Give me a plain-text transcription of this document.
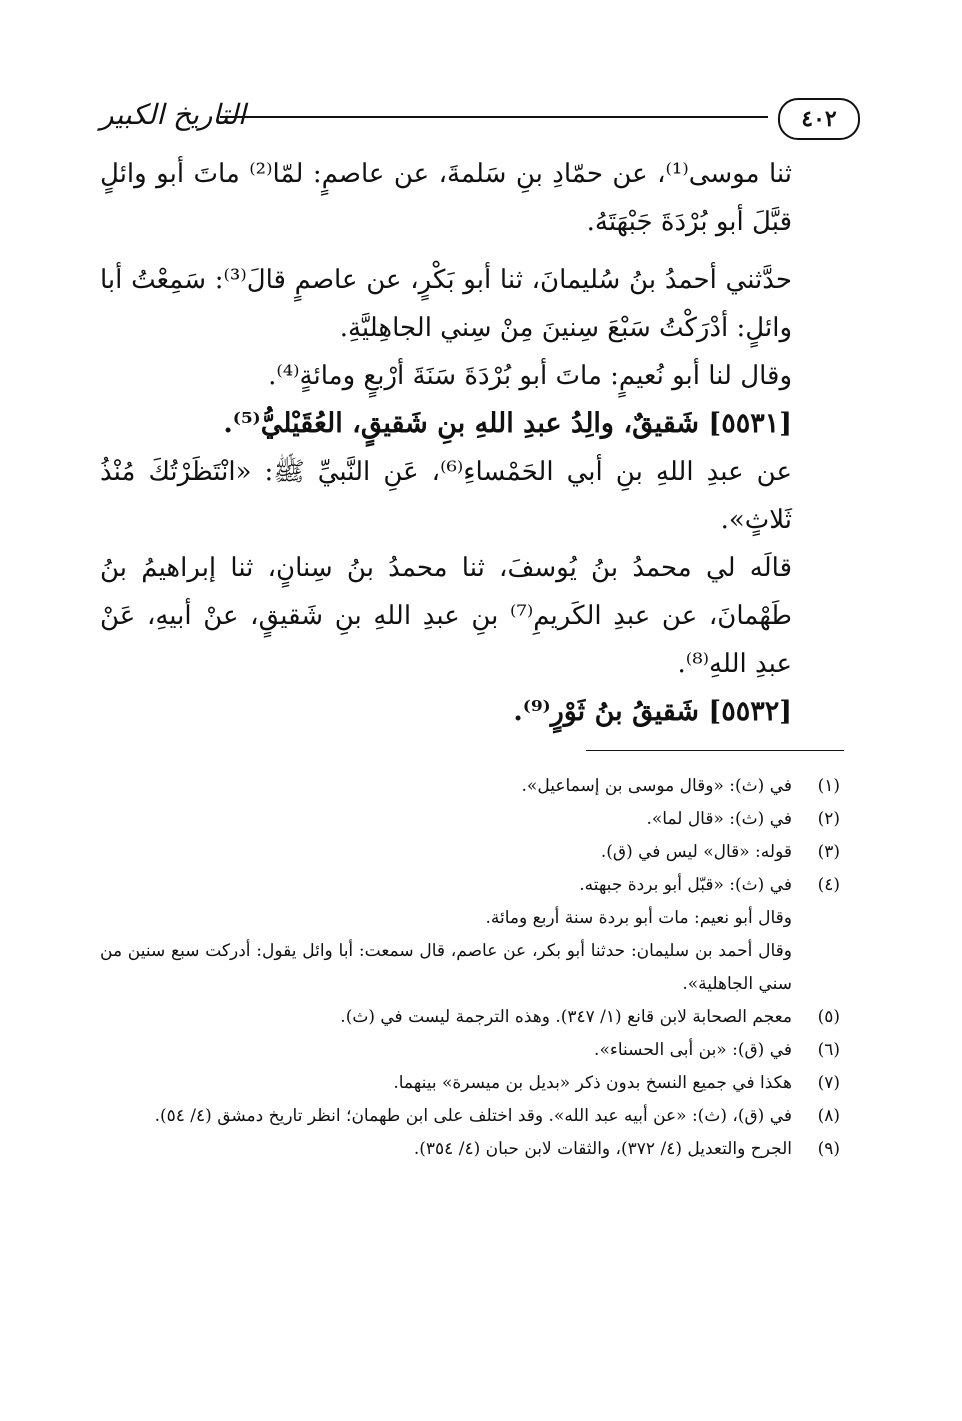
٤٠٢
التاريخ الكبير
ثنا موسى⁽¹⁾، عن حمّادِ بنِ سَلمةَ، عن عاصمٍ: لمّا⁽²⁾ ماتَ أبو وائلٍ قبَّلَ أبو بُرْدَةَ جَبْهَتَهُ.
حدَّثني أحمدُ بنُ سُليمانَ، ثنا أبو بَكْرٍ، عن عاصمٍ قالَ⁽³⁾: سَمِعْتُ أبا وائلٍ: أدْرَكْتُ سَبْعَ سِنينَ مِنْ سِني الجاهِليَّةِ.
وقال لنا أبو نُعيمٍ: ماتَ أبو بُرْدَةَ سَنَةَ أرْبعٍ ومائةٍ⁽⁴⁾.
[٥٥٣١] شَقيقٌ، والِدُ عبدِ اللهِ بنِ شَقيقٍ، العُقَيْليُّ⁽⁵⁾.
عن عبدِ اللهِ بنِ أبي الحَمْساءِ⁽⁶⁾، عَنِ النَّبيِّ ﷺ: «انْتَظَرْتُكَ مُنْذُ ثَلاثٍ».
قالَه لي محمدُ بنُ يُوسفَ، ثنا محمدُ بنُ سِنانٍ، ثنا إبراهيمُ بنُ طَهْمانَ، عن عبدِ الكَريمِ⁽⁷⁾ بنِ عبدِ اللهِ بنِ شَقيقٍ، عنْ أبيهِ، عَنْ عبدِ اللهِ⁽⁸⁾.
[٥٥٣٢] شَقيقُ بنُ ثَوْرٍ⁽⁹⁾.
(١)
في (ث): «وقال موسى بن إسماعيل».
(٢)
في (ث): «قال لما».
(٣)
قوله: «قال» ليس في (ق).
(٤)
في (ث): «قبّل أبو بردة جبهته.
وقال أبو نعيم: مات أبو بردة سنة أربع ومائة.
وقال أحمد بن سليمان: حدثنا أبو بكر، عن عاصم، قال سمعت: أبا وائل يقول: أدركت سبع سنين من سني الجاهلية».
(٥)
معجم الصحابة لابن قانع (١/ ٣٤٧). وهذه الترجمة ليست في (ث).
(٦)
في (ق): «بن أبى الحسناء».
(٧)
هكذا في جميع النسخ بدون ذكر «بديل بن ميسرة» بينهما.
(٨)
في (ق)، (ث): «عن أبيه عبد الله». وقد اختلف على ابن طهمان؛ انظر تاريخ دمشق (٤/ ٥٤).
(٩)
الجرح والتعديل (٤/ ٣٧٢)، والثقات لابن حبان (٤/ ٣٥٤).
